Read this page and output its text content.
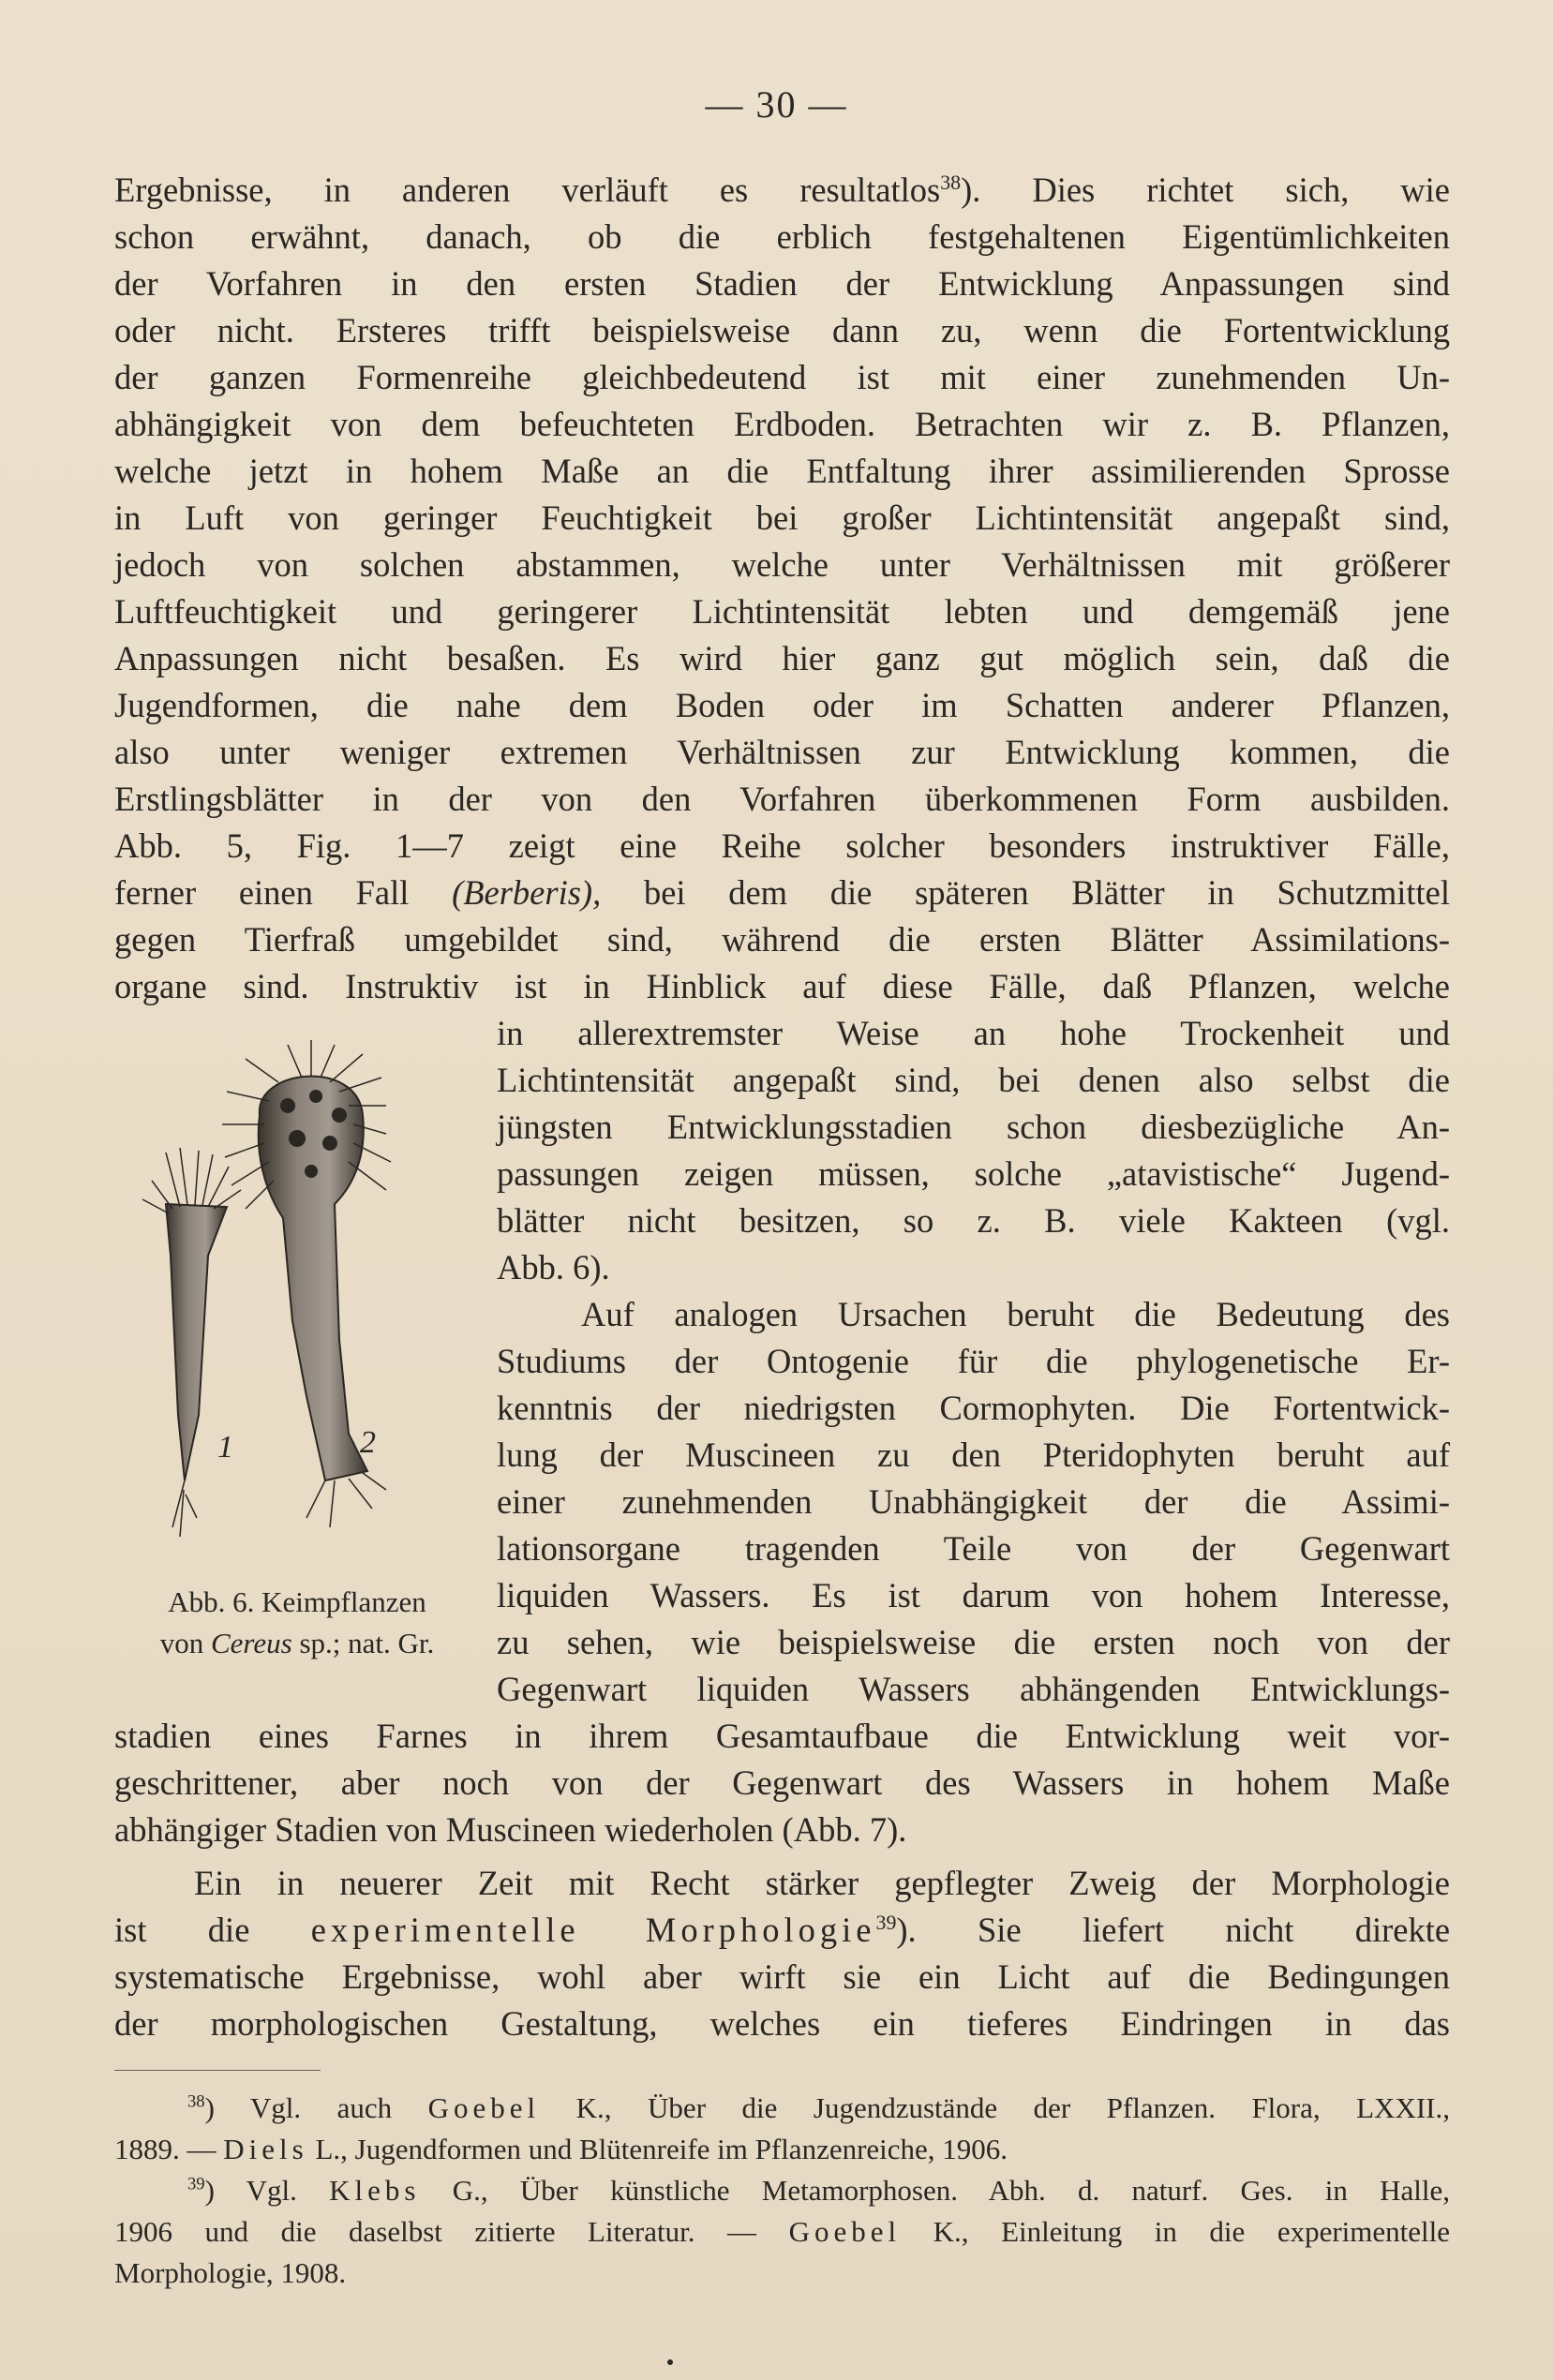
— 30 —
Ergebnisse, in anderen verläuft es resultatlos$^{38}$). Dies richtet sich, wie
schon erwähnt, danach, ob die erblich festgehaltenen Eigentümlichkeiten
der Vorfahren in den ersten Stadien der Entwicklung Anpassungen sind
oder nicht. Ersteres trifft beispielsweise dann zu, wenn die Fortentwicklung
der ganzen Formenreihe gleichbedeutend ist mit einer zunehmenden Un-
abhängigkeit von dem befeuchteten Erdboden. Betrachten wir z. B. Pflanzen,
welche jetzt in hohem Maße an die Entfaltung ihrer assimilierenden Sprosse
in Luft von geringer Feuchtigkeit bei großer Lichtintensität angepaßt sind,
jedoch von solchen abstammen, welche unter Verhältnissen mit größerer
Luftfeuchtigkeit und geringerer Lichtintensität lebten und demgemäß jene
Anpassungen nicht besaßen. Es wird hier ganz gut möglich sein, daß die
Jugendformen, die nahe dem Boden oder im Schatten anderer Pflanzen,
also unter weniger extremen Verhältnissen zur Entwicklung kommen, die
Erstlingsblätter in der von den Vorfahren überkommenen Form ausbilden.
Abb. 5, Fig. 1—7 zeigt eine Reihe solcher besonders instruktiver Fälle,
ferner einen Fall (Berberis), bei dem die späteren Blätter in Schutzmittel
gegen Tierfraß umgebildet sind, während die ersten Blätter Assimilations-
organe sind. Instruktiv ist in Hinblick auf diese Fälle, daß Pflanzen, welche
in allerextremster Weise an hohe Trockenheit und
Lichtintensität angepaßt sind, bei denen also selbst die
jüngsten Entwicklungsstadien schon diesbezügliche An-
passungen zeigen müssen, solche „atavistische“ Jugend-
blätter nicht besitzen, so z. B. viele Kakteen (vgl.
Abb. 6).
Auf analogen Ursachen beruht die Bedeutung des
Studiums der Ontogenie für die phylogenetische Er-
kenntnis der niedrigsten Cormophyten. Die Fortentwick-
lung der Muscineen zu den Pteridophyten beruht auf
einer zunehmenden Unabhängigkeit der die Assimi-
lationsorgane tragenden Teile von der Gegenwart
liquiden Wassers. Es ist darum von hohem Interesse,
zu sehen, wie beispielsweise die ersten noch von der
Gegenwart liquiden Wassers abhängenden Entwicklungs-
stadien eines Farnes in ihrem Gesamtaufbaue die Entwicklung weit vor-
geschrittener, aber noch von der Gegenwart des Wassers in hohem Maße
abhängiger Stadien von Muscineen wiederholen (Abb. 7).
Ein in neuerer Zeit mit Recht stärker gepflegter Zweig der Morphologie
ist die experimentelle Morphologie$^{39}$). Sie liefert nicht direkte
systematische Ergebnisse, wohl aber wirft sie ein Licht auf die Bedingungen
der morphologischen Gestaltung, welches ein tieferes Eindringen in das
1	2
Abb. 6. Keimpflanzen
von Cereus sp.; nat. Gr.
$^{38}$) Vgl. auch Goebel K., Über die Jugendzustände der Pflanzen. Flora, LXXII.,
1889. — Diels L., Jugendformen und Blütenreife im Pflanzenreiche, 1906.
$^{39}$) Vgl. Klebs G., Über künstliche Metamorphosen. Abh. d. naturf. Ges. in Halle,
1906 und die daselbst zitierte Literatur. — Goebel K., Einleitung in die experimentelle
Morphologie, 1908.
